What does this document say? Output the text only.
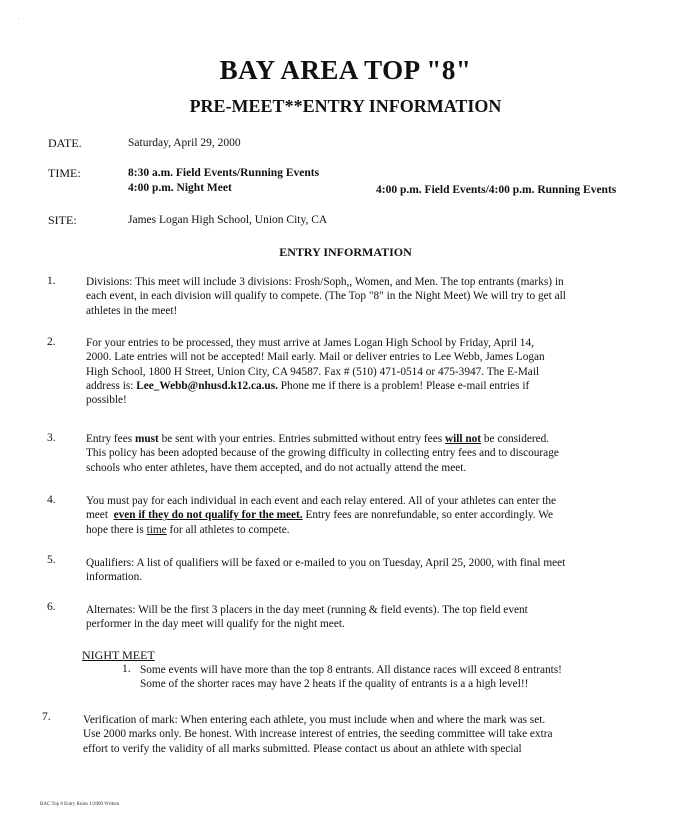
.
BAY AREA TOP "8"
PRE-MEET**ENTRY INFORMATION
DATE.	Saturday, April 29, 2000
TIME:	8:30 a.m. Field Events/Running Events
4:00 p.m. Night Meet	4:00 p.m. Field Events/4:00 p.m. Running Events
SITE:	James Logan High School, Union City, CA
ENTRY INFORMATION
1.	Divisions: This meet will include 3 divisions: Frosh/Soph,, Women, and Men. The top entrants (marks) in
each event, in each division will qualify to compete. (The Top "8" in the Night Meet) We will try to get all
athletes in the meet!
2.	For your entries to be processed, they must arrive at James Logan High School by Friday, April 14,
2000. Late entries will not be accepted! Mail early. Mail or deliver entries to Lee Webb, James Logan
High School, 1800 H Street, Union City, CA 94587. Fax # (510) 471-0514 or 475-3947. The E-Mail
address is: Lee_Webb@nhusd.k12.ca.us. Phone me if there is a problem! Please e-mail entries if
possible!
3.	Entry fees must be sent with your entries. Entries submitted without entry fees will not be considered.
This policy has been adopted because of the growing difficulty in collecting entry fees and to discourage
schools who enter athletes, have them accepted, and do not actually attend the meet.
4.	You must pay for each individual in each event and each relay entered. All of your athletes can enter the
meet even if they do not qualify for the meet. Entry fees are nonrefundable, so enter accordingly. We
hope there is time for all athletes to compete.
5.	Qualifiers: A list of qualifiers will be faxed or e-mailed to you on Tuesday, April 25, 2000, with final meet
information.
6.	Alternates: Will be the first 3 placers in the day meet (running & field events). The top field event
performer in the day meet will qualify for the night meet.
NIGHT MEET
1. Some events will have more than the top 8 entrants. All distance races will exceed 8 entrants!
Some of the shorter races may have 2 heats if the quality of entrants is a a high level!!
7.	Verification of mark: When entering each athlete, you must include when and where the mark was set.
Use 2000 marks only. Be honest. With increase interest of entries, the seeding committee will take extra
effort to verify the validity of all marks submitted. Please contact us about an athlete with special
BAC Top 8 Entry Rules 1/2000 Written
